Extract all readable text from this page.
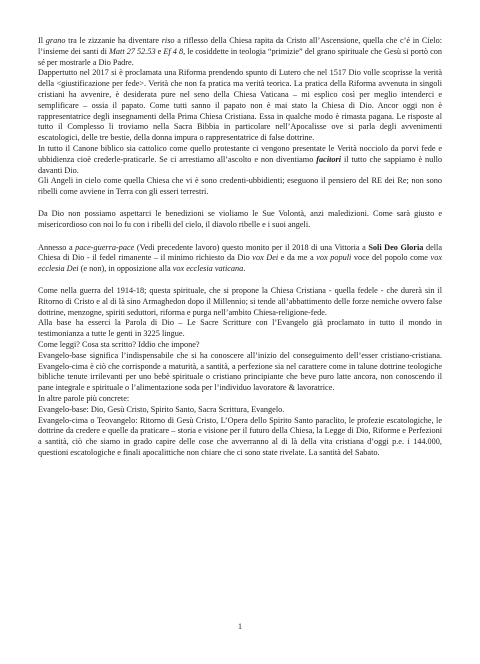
Il grano tra le zizzanie ha diventare riso a riflesso della Chiesa rapita da Cristo all’Ascensione, quella che c’é in Cielo: l’insieme dei santi di Matt 27 52.53 e Ef 4 8, le cosiddette in teologia “primizie” del grano spirituale che Gesù si portò con sé per mostrarle a Dio Padre.

Dappertutto nel 2017 si è proclamata una Riforma prendendo spunto di Lutero che nel 1517 Dio volle scoprisse la verità della <giustificazione per fede>. Verità che non fa pratica ma verità teorica. La pratica della Riforma avvenuta in singoli cristiani ha avvenire, è desiderata pure nel seno della Chiesa Vaticana – mi esplico così per meglio intenderci e semplificare – ossia il papato. Come tutti sanno il papato non è mai stato la Chiesa di Dio. Ancor oggi non è rappresentatrice degli insegnamenti della Prima Chiesa Cristiana. Essa in qualche modo è rimasta pagana. Le risposte al tutto il Complesso li troviamo nella Sacra Bibbia in particolare nell’Apocalisse ove si parla degli avvenimenti escatologici, delle tre bestie, della donna impura o rappresentatrice di false dottrine.

In tutto il Canone biblico sia cattolico come quello protestante ci vengono presentate le Verità nocciolo da porvi fede e ubbidienza cioè crederle-praticarle. Se ci arrestiamo all’ascolto e non diventiamo facitori il tutto che sappiamo è nullo davanti Dio.

Gli Angeli in cielo come quella Chiesa che vi è sono credenti-ubbidienti; eseguono il pensiero del RE dei Re; non sono ribelli come avviene in Terra con gli esseri terrestri.

Da Dio non possiamo aspettarci le benedizioni se violiamo le Sue Volontà, anzi maledizioni. Come sarà giusto e misericordioso con noi lo fu con i ribelli del cielo, il diavolo ribelle e i suoi angeli.

Annesso a pace-guerra-pace (Vedi precedente lavoro) questo monito per il 2018 di una Vittoria a Soli Deo Gloria della Chiesa di Dio - il fedel rimanente – il minimo richiesto da Dio vox Dei e da me a vox populi voce del popolo come vox ecclesia Dei (e non), in opposizione alla vox ecclesia vaticana.

Come nella guerra del 1914-18; questa spirituale, che si propone la Chiesa Cristiana - quella fedele - che durerà sin il Ritorno di Cristo e al di là sino Armaghedon dopo il Millennio; si tende all’abbattimento delle forze nemiche ovvero false dottrine, menzogne, spiriti seduttori, riforma e purga nell’ambito Chiesa-religione-fede.

Alla base ha esserci la Parola di Dio – Le Sacre Scritture con l’Evangelo già proclamato in tutto il mondo in testimonianza a tutte le genti in 3225 lingue.

Come leggi? Cosa sta scritto? Iddio che impone?

Evangelo-base significa l’indispensabile che si ha conoscere all’inizio del conseguimento dell’esser cristiano-cristiana. Evangelo-cima è ciò che corrisponde a maturità, a santità, a perfezione sia nel carattere come in talune dottrine teologiche bibliche tenute irrilevanti per uno bebè spirituale o cristiano principiante che beve puro latte ancora, non conoscendo il pane integrale e spirituale o l’alimentazione soda per l’individuo lavoratore & lavoratrice.

In altre parole più concrete:

Evangelo-base: Dio, Gesù Cristo, Spirito Santo, Sacra Scrittura, Evangelo.

Evangelo-cima o Teovangelo: Ritorno di Gesù Cristo, L’Opera dello Spirito Santo paraclito, le profezie escatologiche, le dottrine da credere e quelle da praticare – storia e visione per il futuro della Chiesa, la Legge di Dio, Riforme e Perfezioni a santità, ciò che siamo in grado capire delle cose che avverranno al di là della vita cristiana d’oggi p.e. i 144.000, questioni escatologiche e finali apocalittiche non chiare che ci sono state rivelate. La santità del Sabato.

1
